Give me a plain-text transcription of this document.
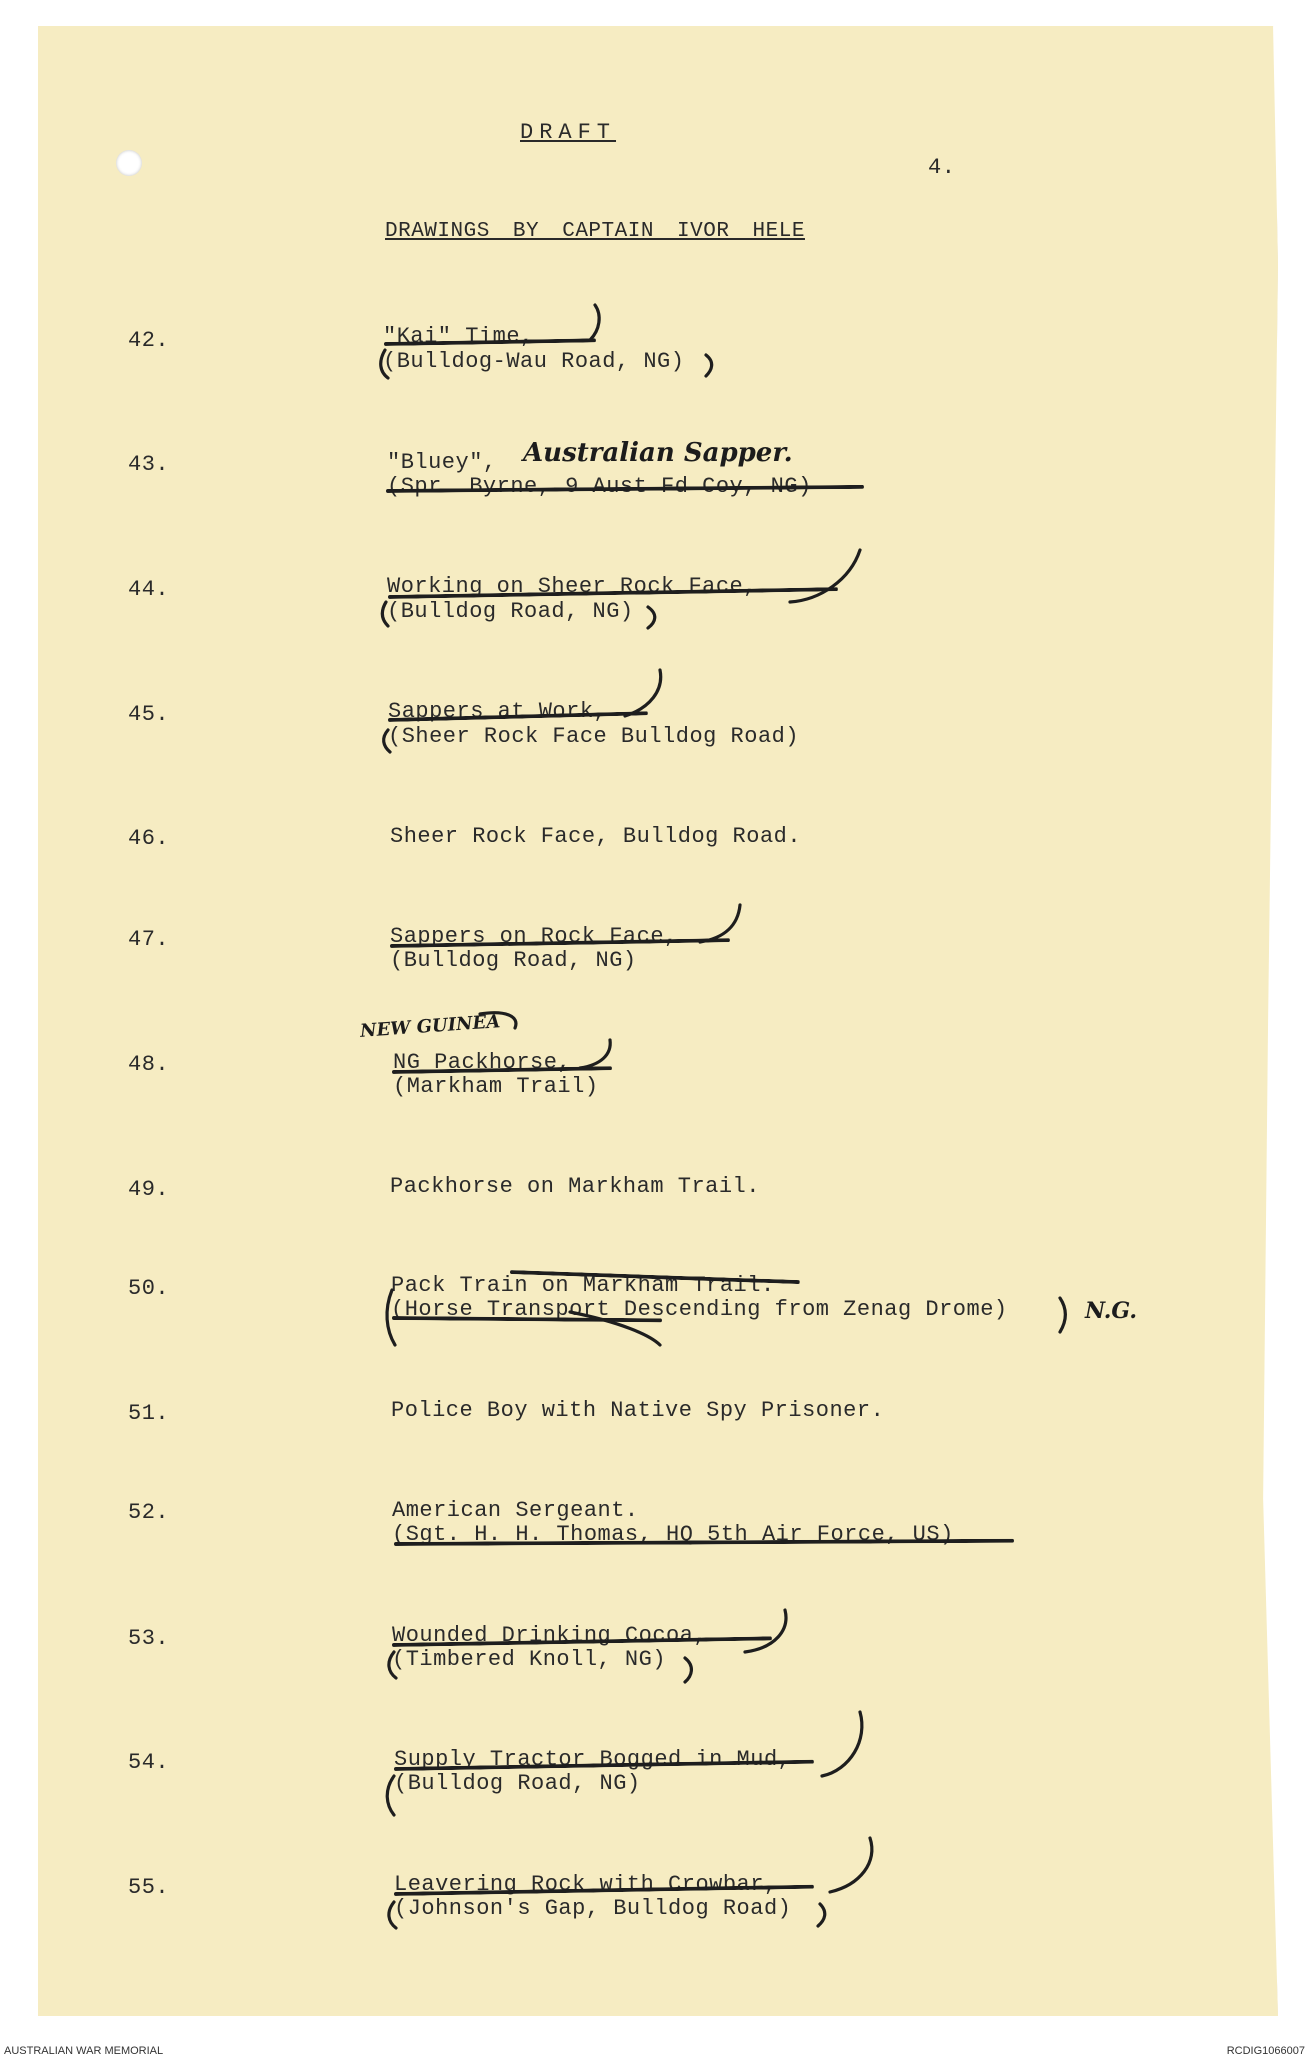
DRAFT
4.
DRAWINGS BY CAPTAIN IVOR HELE
42.	"Kai" Time,
(Bulldog-Wau Road, NG)
43.	"Bluey", Australian Sapper.
(Spr. Byrne, 9 Aust Fd Coy, NG)
44.	Working on Sheer Rock Face,
(Bulldog Road, NG)
45.	Sappers at Work,
(Sheer Rock Face Bulldog Road)
46.	Sheer Rock Face, Bulldog Road.
47.	Sappers on Rock Face,
(Bulldog Road, NG)
48.
NEW GUINEA
NG Packhorse,
(Markham Trail)
49.	Packhorse on Markham Trail.
50.	Pack Train on Markham Trail.
(Horse Transport Descending from Zenag Drome)	N.G.
51.	Police Boy with Native Spy Prisoner.
52.	American Sergeant.
(Sgt. H. H. Thomas, HQ 5th Air Force, US)
53.	Wounded Drinking Cocoa,
(Timbered Knoll, NG)
54.	Supply Tractor Bogged in Mud,
(Bulldog Road, NG)
55.	Leavering Rock with Crowbar,
(Johnson's Gap, Bulldog Road)
AUSTRALIAN WAR MEMORIAL	RCDIG1066007
